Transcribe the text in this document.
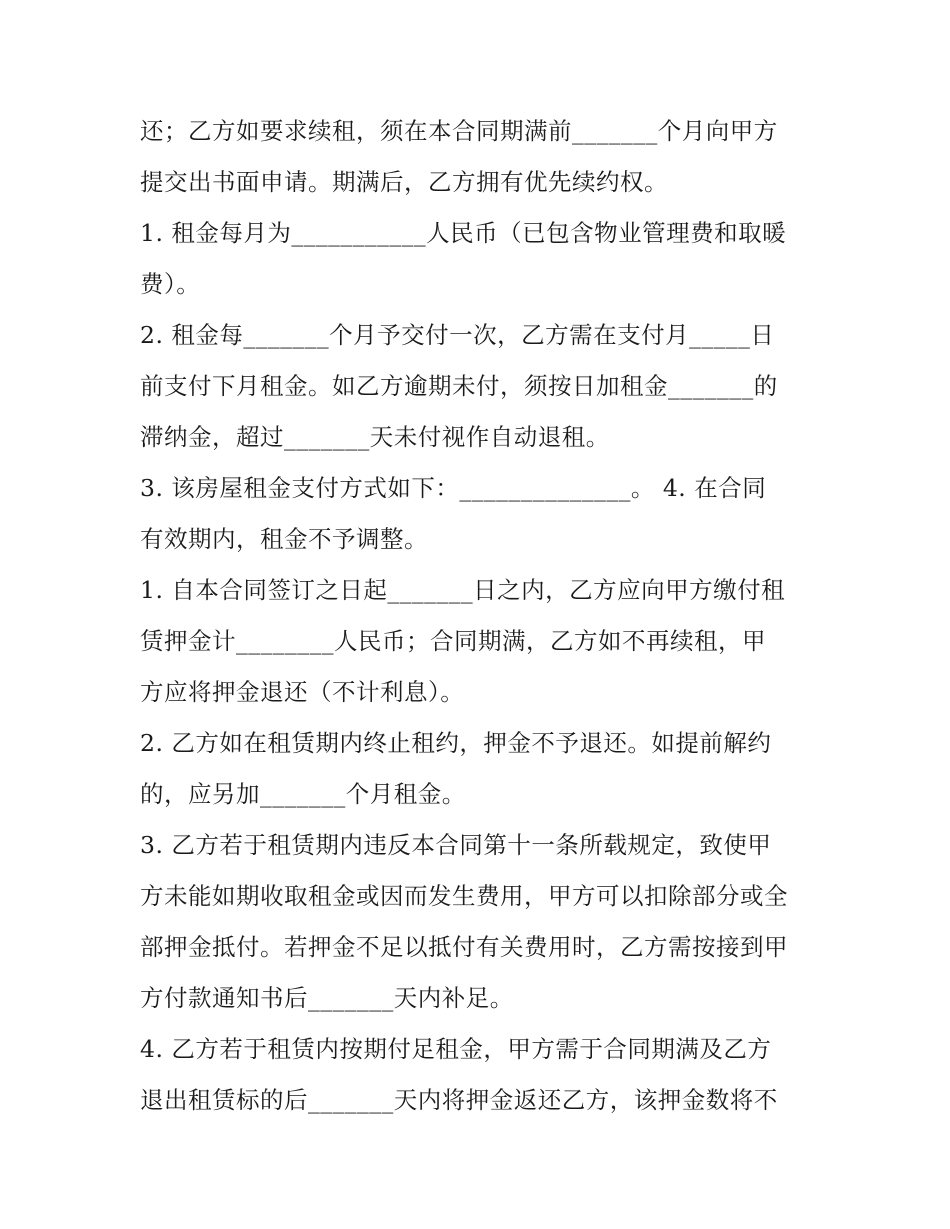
还；乙方如要求续租，须在本合同期满前_______个月向甲方
提交出书面申请。期满后，乙方拥有优先续约权。
1. 租金每月为___________人民币（已包含物业管理费和取暖
费）。
2. 租金每_______个月予交付一次，乙方需在支付月_____日
前支付下月租金。如乙方逾期未付，须按日加租金_______的
滞纳金，超过_______天未付视作自动退租。
3. 该房屋租金支付方式如下：______________。 4. 在合同
有效期内，租金不予调整。
1. 自本合同签订之日起_______日之内，乙方应向甲方缴付租
赁押金计________人民币；合同期满，乙方如不再续租，甲
方应将押金退还（不计利息）。
2. 乙方如在租赁期内终止租约，押金不予退还。如提前解约
的，应另加_______个月租金。
3. 乙方若于租赁期内违反本合同第十一条所载规定，致使甲
方未能如期收取租金或因而发生费用，甲方可以扣除部分或全
部押金抵付。若押金不足以抵付有关费用时，乙方需按接到甲
方付款通知书后_______天内补足。
4. 乙方若于租赁内按期付足租金，甲方需于合同期满及乙方
退出租赁标的后_______天内将押金返还乙方，该押金数将不
